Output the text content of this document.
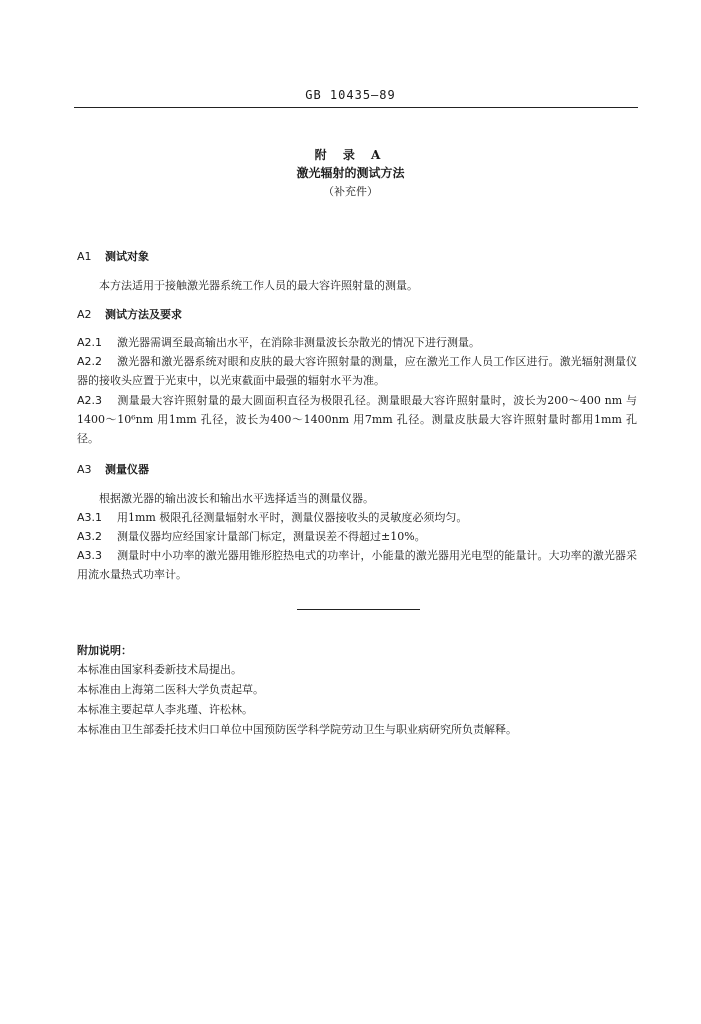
GB 10435—89
附 录 A
激光辐射的测试方法
（补充件）

A1 测试对象

本方法适用于接触激光器系统工作人员的最大容许照射量的测量。

A2 测试方法及要求

A2.1 激光器需调至最高输出水平，在消除非测量波长杂散光的情况下进行测量。

A2.2 激光器和激光器系统对眼和皮肤的最大容许照射量的测量，应在激光工作人员工作区进行。激光辐射测量仪器的接收头应置于光束中，以光束截面中最强的辐射水平为准。

A2.3 测量最大容许照射量的最大圆面积直径为极限孔径。测量眼最大容许照射量时，波长为200～400 nm 与1400～10⁶nm 用1mm 孔径，波长为400～1400nm 用7mm 孔径。测量皮肤最大容许照射量时都用1mm 孔径。

A3 测量仪器

根据激光器的输出波长和输出水平选择适当的测量仪器。

A3.1 用1mm 极限孔径测量辐射水平时，测量仪器接收头的灵敏度必须均匀。

A3.2 测量仪器均应经国家计量部门标定，测量误差不得超过±10%。

A3.3 测量时中小功率的激光器用锥形腔热电式的功率计，小能量的激光器用光电型的能量计。大功率的激光器采用流水量热式功率计。

附加说明：

本标准由国家科委新技术局提出。

本标准由上海第二医科大学负责起草。

本标准主要起草人李兆瑾、许松林。

本标准由卫生部委托技术归口单位中国预防医学科学院劳动卫生与职业病研究所负责解释。
